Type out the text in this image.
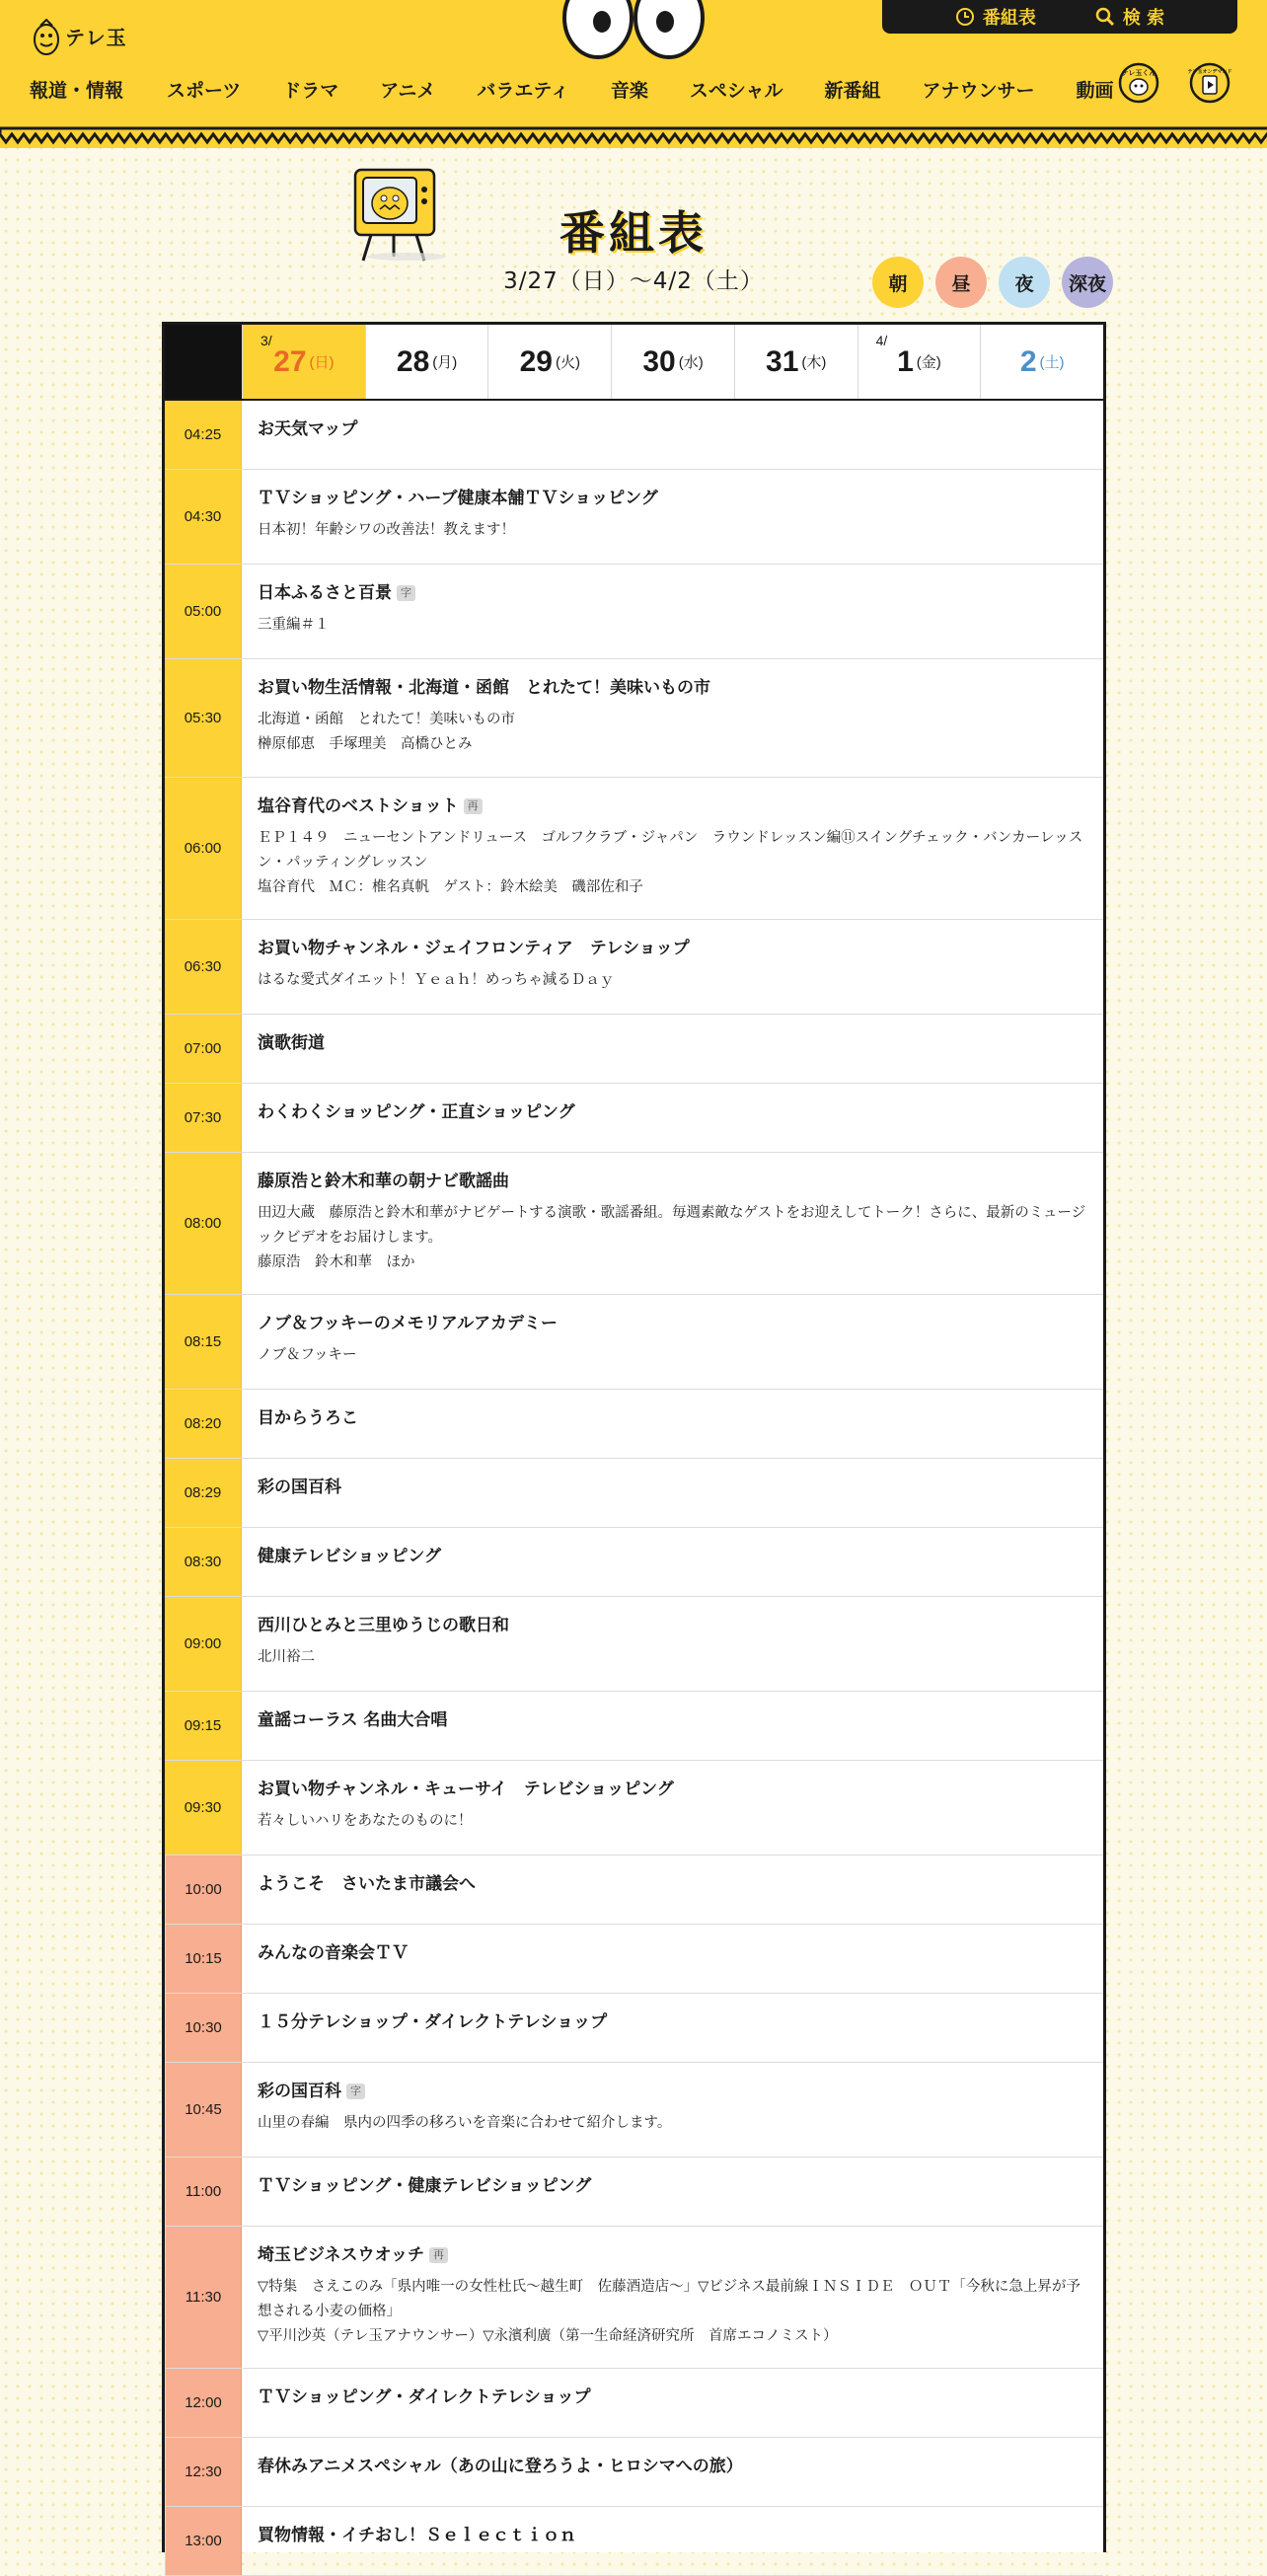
テレ玉
番組表	検 索
報道・情報 スポーツ ドラマ アニメ バラエティ 音楽 スペシャル 新番組 アナウンサー 動画
テレ玉くん	テレ玉オンデマンド
番組表
3/27（日）〜4/2（土）	朝 昼 夜 深夜
3/
27 (日) 28 (月) 29 (火) 30 (水) 31 (木)
4/
1 (金)	2 (土)
04:25	お天気マップ
04:30
ＴＶショッピング・ハーブ健康本舗ＴＶショッピング
日本初！年齢シワの改善法！教えます！
05:00
日本ふるさと百景 字
三重編＃１
05:30
お買い物生活情報・北海道・函館　とれたて！美味いもの市
北海道・函館　とれたて！美味いもの市
榊原郁恵　手塚理美　高橋ひとみ
06:00
塩谷育代のベストショット 再
ＥＰ１４９　ニューセントアンドリュース　ゴルフクラブ・ジャパン　ラウンドレッスン編⑪スイングチェック・バンカーレッスン・パッティングレッスン
塩谷育代　ＭＣ：椎名真帆　ゲスト：鈴木絵美　磯部佐和子
06:30
お買い物チャンネル・ジェイフロンティア　テレショップ
はるな愛式ダイエット！Ｙｅａｈ！めっちゃ減るＤａｙ
07:00	演歌街道
07:30	わくわくショッピング・正直ショッピング
08:00
藤原浩と鈴木和華の朝ナビ歌謡曲
田辺大蔵　藤原浩と鈴木和華がナビゲートする演歌・歌謡番組。毎週素敵なゲストをお迎えしてトーク！さらに、最新のミュージックビデオをお届けします。
藤原浩　鈴木和華　ほか
08:15
ノブ＆フッキーのメモリアルアカデミー
ノブ＆フッキー
08:20	目からうろこ
08:29	彩の国百科
08:30	健康テレビショッピング
09:00
西川ひとみと三里ゆうじの歌日和
北川裕二
09:15	童謡コーラス 名曲大合唱
09:30
お買い物チャンネル・キューサイ　テレビショッピング
若々しいハリをあなたのものに！
10:00	ようこそ　さいたま市議会へ
10:15	みんなの音楽会ＴＶ
10:30	１５分テレショップ・ダイレクトテレショップ
10:45
彩の国百科 字
山里の春編　県内の四季の移ろいを音楽に合わせて紹介します。
11:00	ＴＶショッピング・健康テレビショッピング
11:30
埼玉ビジネスウオッチ 再
▽特集　さえこのみ「県内唯一の女性杜氏～越生町　佐藤酒造店～」▽ビジネス最前線ＩＮＳＩＤＥ　ＯＵＴ「今秋に急上昇が予想される小麦の価格」
▽平川沙英（テレ玉アナウンサー）▽永濱利廣（第一生命経済研究所　首席エコノミスト）
12:00	ＴＶショッピング・ダイレクトテレショップ
12:30	春休みアニメスペシャル（あの山に登ろうよ・ヒロシマへの旅）
13:00	買物情報・イチおし！Ｓｅｌｅｃｔｉｏｎ
